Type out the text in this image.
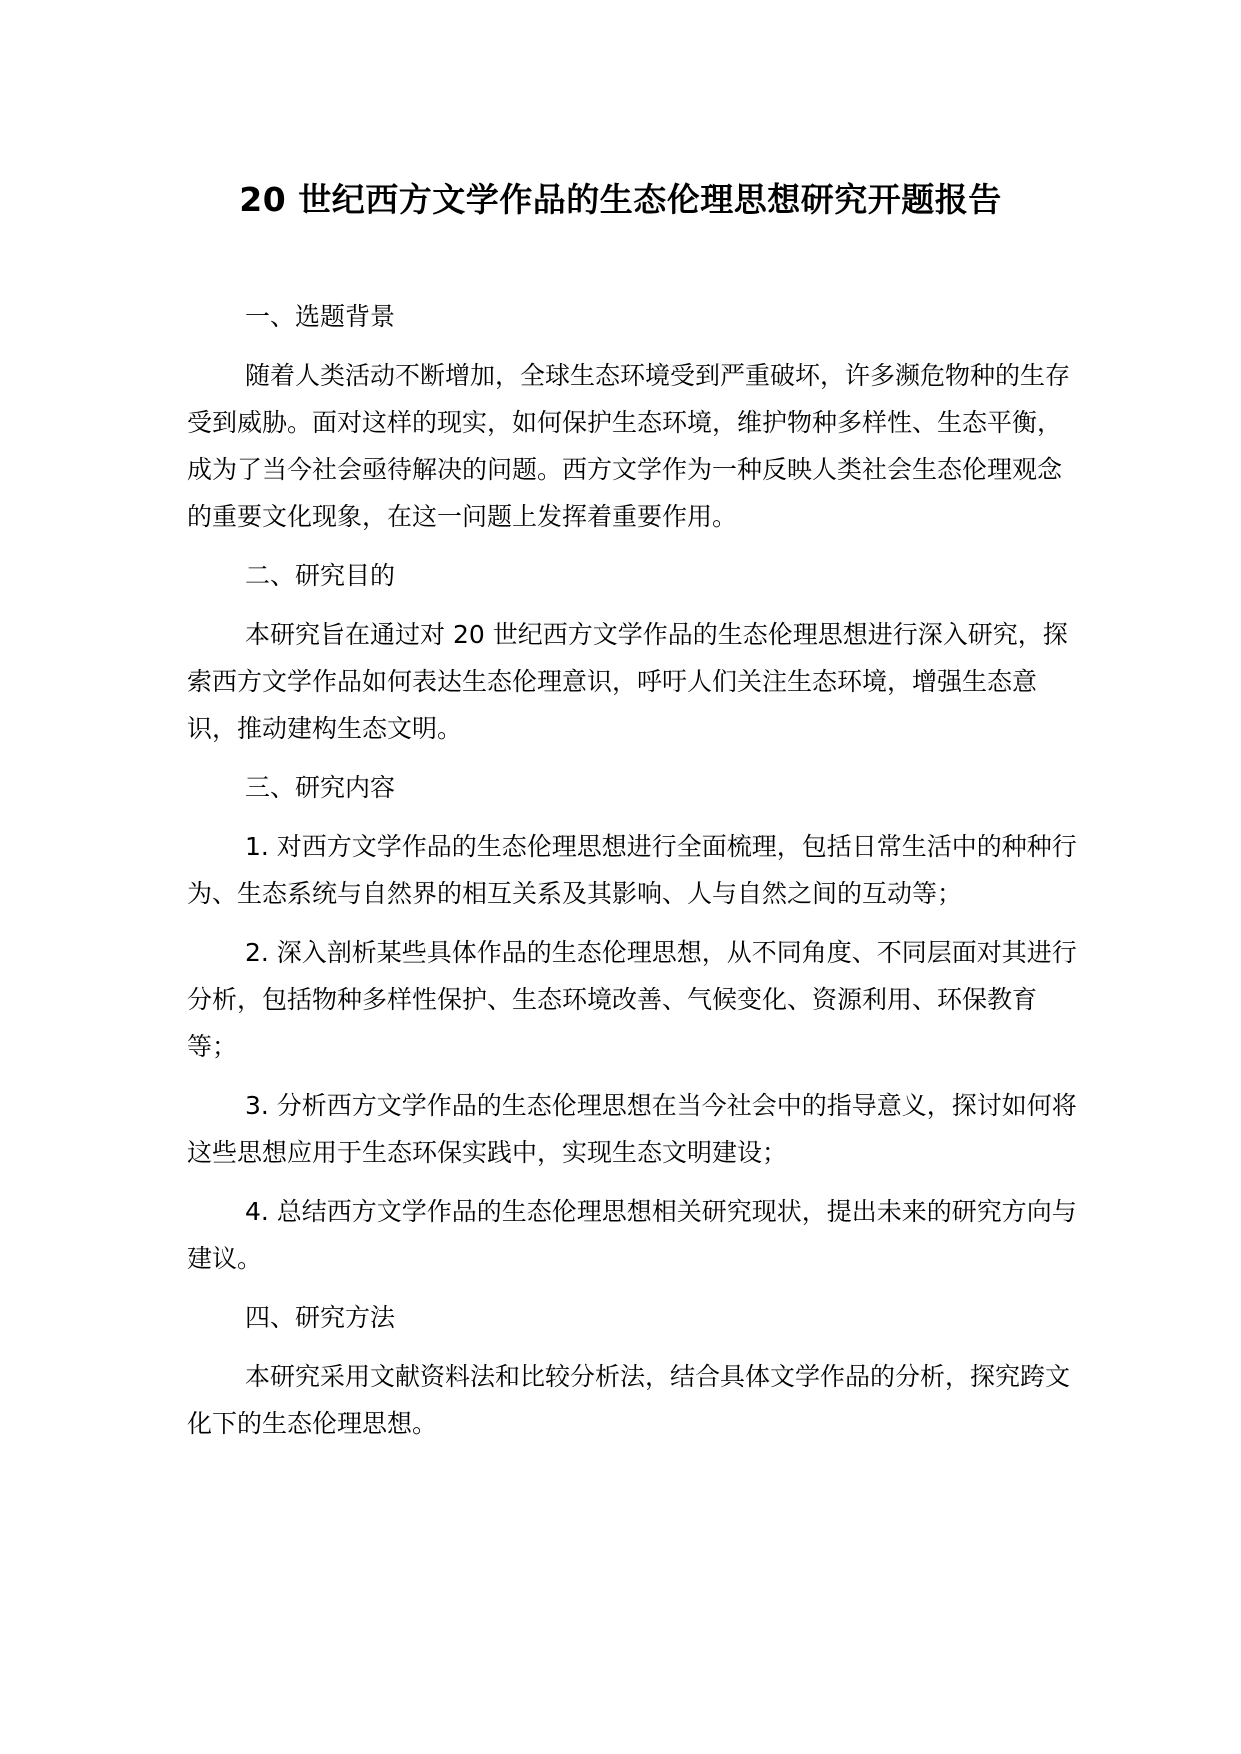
20 世纪西方文学作品的生态伦理思想研究开题报告

一、选题背景

随着人类活动不断增加，全球生态环境受到严重破坏，许多濒危物种的生存受到威胁。面对这样的现实，如何保护生态环境，维护物种多样性、生态平衡，成为了当今社会亟待解决的问题。西方文学作为一种反映人类社会生态伦理观念的重要文化现象，在这一问题上发挥着重要作用。

二、研究目的

本研究旨在通过对 20 世纪西方文学作品的生态伦理思想进行深入研究，探索西方文学作品如何表达生态伦理意识，呼吁人们关注生态环境，增强生态意识，推动建构生态文明。

三、研究内容

1. 对西方文学作品的生态伦理思想进行全面梳理，包括日常生活中的种种行为、生态系统与自然界的相互关系及其影响、人与自然之间的互动等；

2. 深入剖析某些具体作品的生态伦理思想，从不同角度、不同层面对其进行分析，包括物种多样性保护、生态环境改善、气候变化、资源利用、环保教育等；

3. 分析西方文学作品的生态伦理思想在当今社会中的指导意义，探讨如何将这些思想应用于生态环保实践中，实现生态文明建设；

4. 总结西方文学作品的生态伦理思想相关研究现状，提出未来的研究方向与建议。

四、研究方法

本研究采用文献资料法和比较分析法，结合具体文学作品的分析，探究跨文化下的生态伦理思想。
